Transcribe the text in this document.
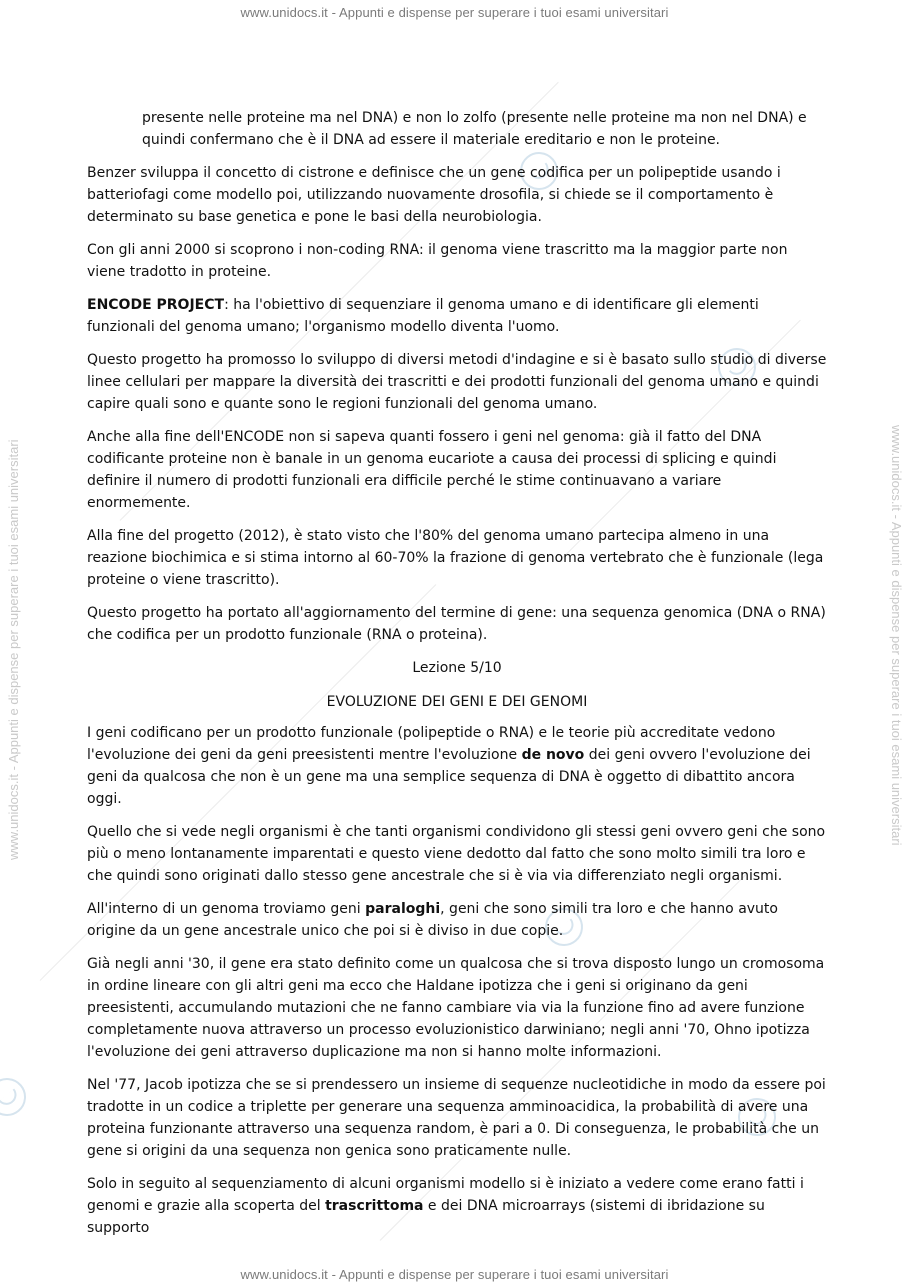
www.unidocs.it - Appunti e dispense per superare i tuoi esami universitari
www.unidocs.it - Appunti e dispense per superare i tuoi esami universitari	www.unidocs.it - Appunti e dispense per superare i tuoi esami universitari

presente nelle proteine ma nel DNA) e non lo zolfo (presente nelle proteine ma non nel DNA) e quindi confermano che è il DNA ad essere il materiale ereditario e non le proteine.

Benzer sviluppa il concetto di cistrone e definisce che un gene codifica per un polipeptide usando i batteriofagi come modello poi, utilizzando nuovamente drosofila, si chiede se il comportamento è determinato su base genetica e pone le basi della neurobiologia.

Con gli anni 2000 si scoprono i non-coding RNA: il genoma viene trascritto ma la maggior parte non viene tradotto in proteine.

ENCODE PROJECT: ha l'obiettivo di sequenziare il genoma umano e di identificare gli elementi funzionali del genoma umano; l'organismo modello diventa l'uomo.

Questo progetto ha promosso lo sviluppo di diversi metodi d'indagine e si è basato sullo studio di diverse linee cellulari per mappare la diversità dei trascritti e dei prodotti funzionali del genoma umano e quindi capire quali sono e quante sono le regioni funzionali del genoma umano.

Anche alla fine dell'ENCODE non si sapeva quanti fossero i geni nel genoma: già il fatto del DNA codificante proteine non è banale in un genoma eucariote a causa dei processi di splicing e quindi definire il numero di prodotti funzionali era difficile perché le stime continuavano a variare enormemente.

Alla fine del progetto (2012), è stato visto che l'80% del genoma umano partecipa almeno in una reazione biochimica e si stima intorno al 60-70% la frazione di genoma vertebrato che è funzionale (lega proteine o viene trascritto).

Questo progetto ha portato all'aggiornamento del termine di gene: una sequenza genomica (DNA o RNA) che codifica per un prodotto funzionale (RNA o proteina).

Lezione 5/10
EVOLUZIONE DEI GENI E DEI GENOMI

I geni codificano per un prodotto funzionale (polipeptide o RNA) e le teorie più accreditate vedono l'evoluzione dei geni da geni preesistenti mentre l'evoluzione de novo dei geni ovvero l'evoluzione dei geni da qualcosa che non è un gene ma una semplice sequenza di DNA è oggetto di dibattito ancora oggi.

Quello che si vede negli organismi è che tanti organismi condividono gli stessi geni ovvero geni che sono più o meno lontanamente imparentati e questo viene dedotto dal fatto che sono molto simili tra loro e che quindi sono originati dallo stesso gene ancestrale che si è via via differenziato negli organismi.

All'interno di un genoma troviamo geni paraloghi, geni che sono simili tra loro e che hanno avuto origine da un gene ancestrale unico che poi si è diviso in due copie.

Già negli anni '30, il gene era stato definito come un qualcosa che si trova disposto lungo un cromosoma in ordine lineare con gli altri geni ma ecco che Haldane ipotizza che i geni si originano da geni preesistenti, accumulando mutazioni che ne fanno cambiare via via la funzione fino ad avere funzione completamente nuova attraverso un processo evoluzionistico darwiniano; negli anni '70, Ohno ipotizza l'evoluzione dei geni attraverso duplicazione ma non si hanno molte informazioni.

Nel '77, Jacob ipotizza che se si prendessero un insieme di sequenze nucleotidiche in modo da essere poi tradotte in un codice a triplette per generare una sequenza amminoacidica, la probabilità di avere una proteina funzionante attraverso una sequenza random, è pari a 0. Di conseguenza, le probabilità che un gene si origini da una sequenza non genica sono praticamente nulle.

Solo in seguito al sequenziamento di alcuni organismi modello si è iniziato a vedere come erano fatti i genomi e grazie alla scoperta del trascrittoma e dei DNA microarrays (sistemi di ibridazione su supporto

www.unidocs.it - Appunti e dispense per superare i tuoi esami universitari
